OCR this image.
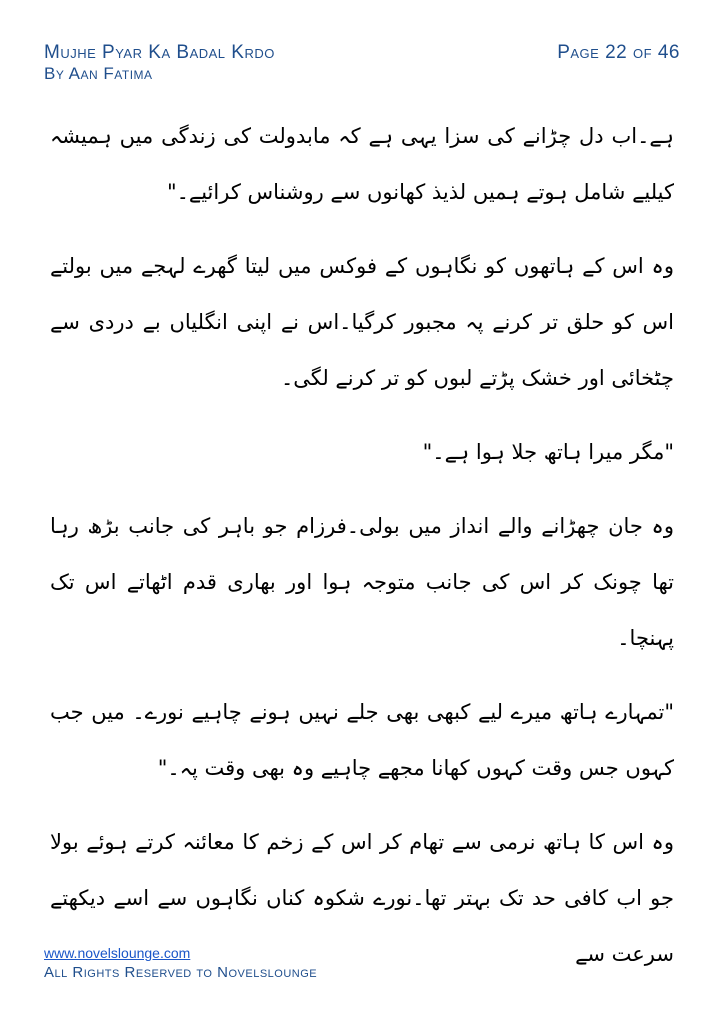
Mujhe Pyar Ka Badal Krdo
By Aan Fatima
Page 22 of 46

ہے۔اب دل چڑانے کی سزا یہی ہے کہ مابدولت کی زندگی میں ہمیشہ کیلیے شامل ہوتے ہمیں لذیذ کھانوں سے روشناس کرائیے۔"

وہ اس کے ہاتھوں کو نگاہوں کے فوکس میں لیتا گھرے لہجے میں بولتے اس کو حلق تر کرنے پہ مجبور کرگیا۔اس نے اپنی انگلیاں بے دردی سے چٹخائی اور خشک پڑتے لبوں کو تر کرنے لگی۔

"مگر میرا ہاتھ جلا ہوا ہے۔"

وہ جان چھڑانے والے انداز میں بولی۔فرزام جو باہر کی جانب بڑھ رہا تھا چونک کر اس کی جانب متوجہ ہوا اور بھاری قدم اٹھاتے اس تک پہنچا۔

"تمہارے ہاتھ میرے لیے کبھی بھی جلے نہیں ہونے چاہیے نورے۔ میں جب کہوں جس وقت کہوں کھانا مجھے چاہیے وہ بھی وقت پہ۔"

وہ اس کا ہاتھ نرمی سے تھام کر اس کے زخم کا معائنہ کرتے ہوئے بولا جو اب کافی حد تک بہتر تھا۔نورے شکوہ کناں نگاہوں سے اسے دیکھتے سرعت سے

www.novelslounge.com
All Rights Reserved to Novelslounge
